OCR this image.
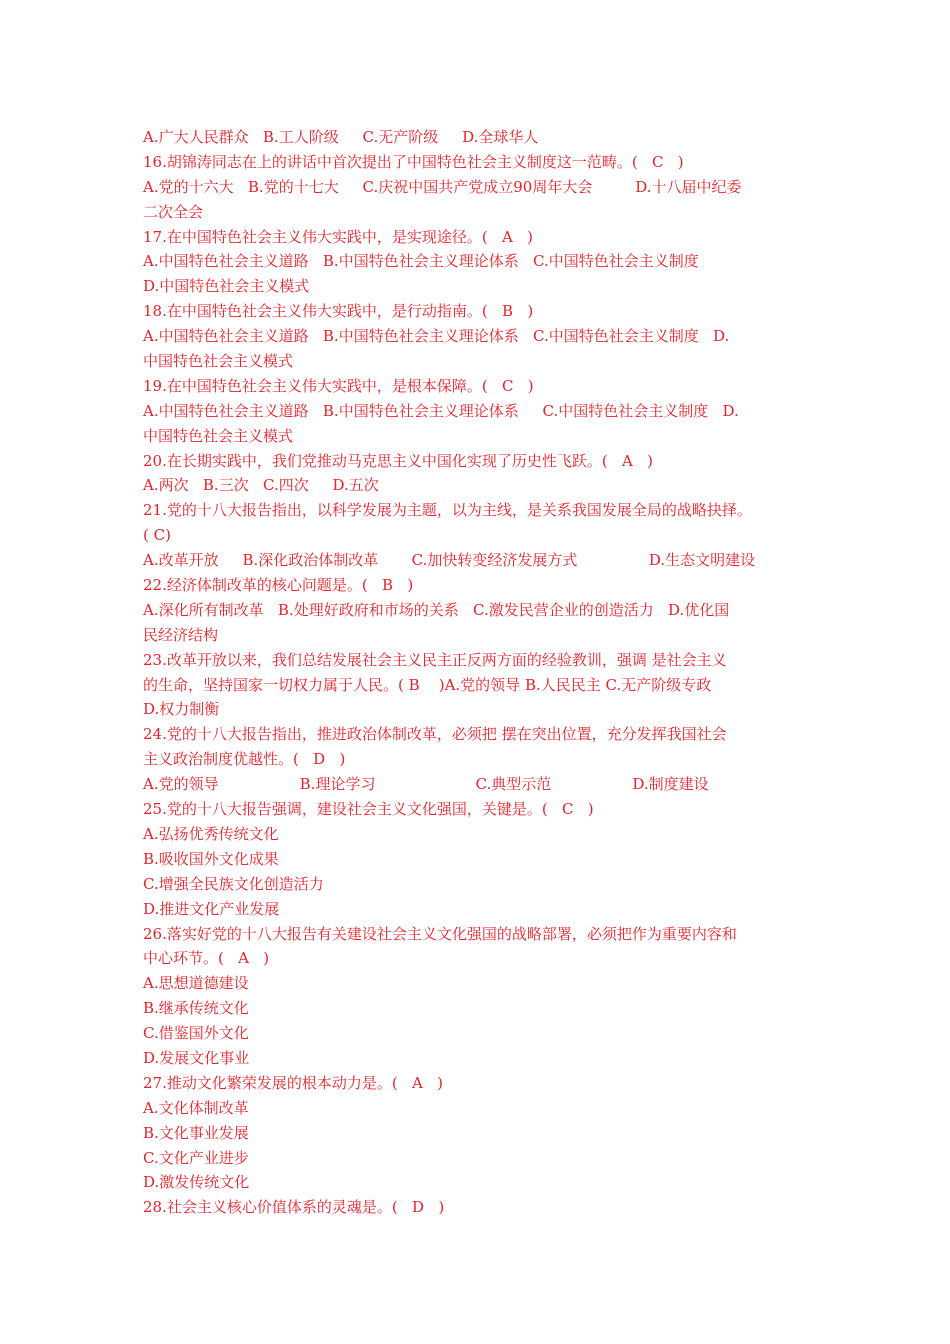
A.广大人民群众   B.工人阶级     C.无产阶级     D.全球华人
16.胡锦涛同志在上的讲话中首次提出了中国特色社会主义制度这一范畴。(   C   )
A.党的十六大   B.党的十七大     C.庆祝中国共产党成立90周年大会         D.十八届中纪委
二次全会
17.在中国特色社会主义伟大实践中，是实现途径。(   A   )
A.中国特色社会主义道路   B.中国特色社会主义理论体系   C.中国特色社会主义制度
D.中国特色社会主义模式
18.在中国特色社会主义伟大实践中，是行动指南。(   B   )
A.中国特色社会主义道路   B.中国特色社会主义理论体系   C.中国特色社会主义制度   D.
中国特色社会主义模式
19.在中国特色社会主义伟大实践中，是根本保障。(   C   )
A.中国特色社会主义道路   B.中国特色社会主义理论体系     C.中国特色社会主义制度   D.
中国特色社会主义模式
20.在长期实践中，我们党推动马克思主义中国化实现了历史性飞跃。(   A   )
A.两次   B.三次   C.四次     D.五次
21.党的十八大报告指出，以科学发展为主题，以为主线，是关系我国发展全局的战略抉择。
( C)
A.改革开放     B.深化政治体制改革       C.加快转变经济发展方式               D.生态文明建设
22.经济体制改革的核心问题是。(   B   )
A.深化所有制改革   B.处理好政府和市场的关系   C.激发民营企业的创造活力   D.优化国
民经济结构
23.改革开放以来，我们总结发展社会主义民主正反两方面的经验教训，强调 是社会主义
的生命，坚持国家一切权力属于人民。( B    )A.党的领导 B.人民民主 C.无产阶级专政
D.权力制衡
24.党的十八大报告指出，推进政治体制改革，必须把 摆在突出位置，充分发挥我国社会
主义政治制度优越性。(   D   )
A.党的领导                 B.理论学习                     C.典型示范                 D.制度建设
25.党的十八大报告强调，建设社会主义文化强国，关键是。(   C   )
A.弘扬优秀传统文化
B.吸收国外文化成果
C.增强全民族文化创造活力
D.推进文化产业发展
26.落实好党的十八大报告有关建设社会主义文化强国的战略部署，必须把作为重要内容和
中心环节。(   A   )
A.思想道德建设
B.继承传统文化
C.借鉴国外文化
D.发展文化事业
27.推动文化繁荣发展的根本动力是。(   A   )
A.文化体制改革
B.文化事业发展
C.文化产业进步
D.激发传统文化
28.社会主义核心价值体系的灵魂是。(   D   )
